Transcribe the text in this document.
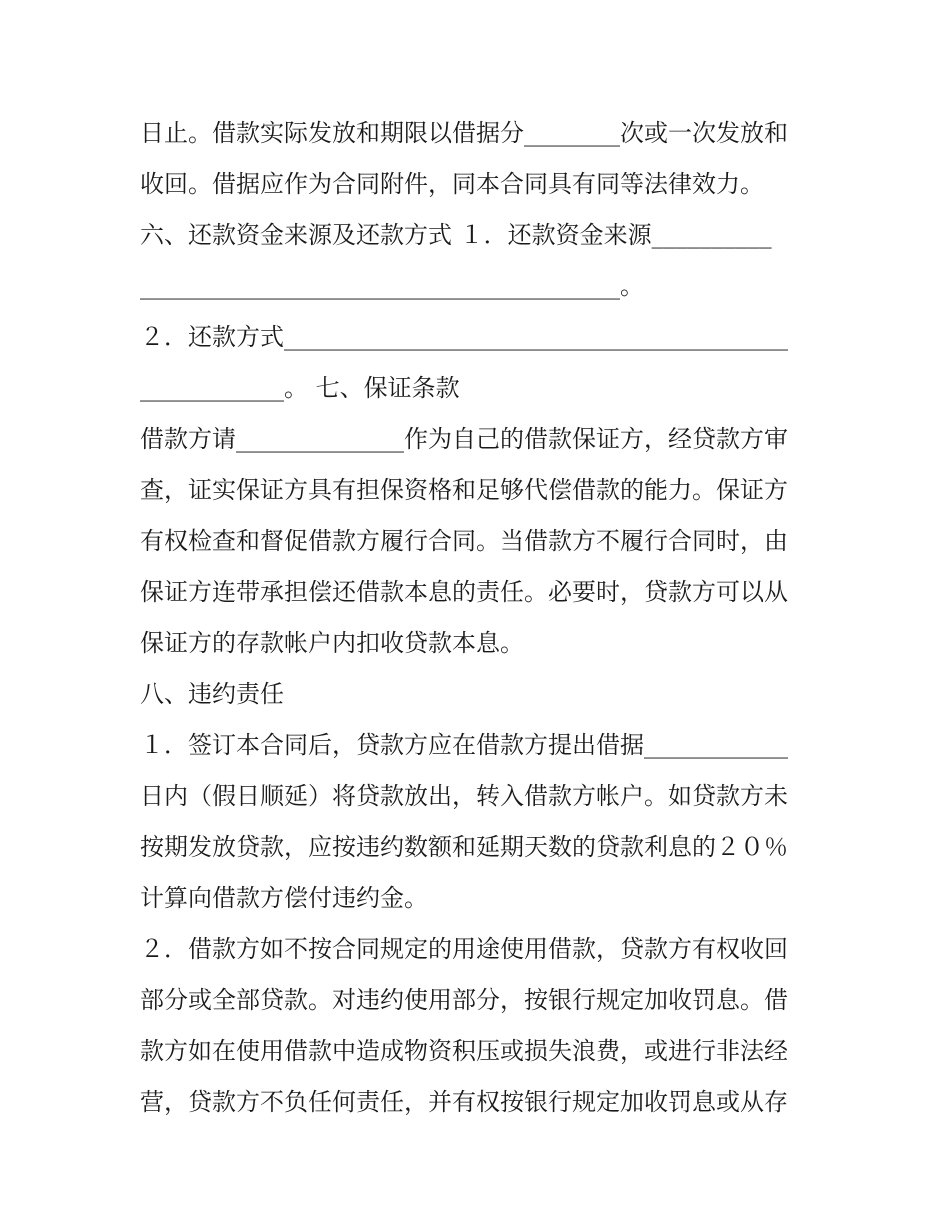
日止。借款实际发放和期限以借据分________次或一次发放和
收回。借据应作为合同附件，同本合同具有同等法律效力。
六、还款资金来源及还款方式 １．还款资金来源__________
________________________________________。
２．还款方式__________________________________________
____________。 七、保证条款
借款方请______________作为自己的借款保证方，经贷款方审
查，证实保证方具有担保资格和足够代偿借款的能力。保证方
有权检查和督促借款方履行合同。当借款方不履行合同时，由
保证方连带承担偿还借款本息的责任。必要时，贷款方可以从
保证方的存款帐户内扣收贷款本息。
八、违约责任
１．签订本合同后，贷款方应在借款方提出借据____________
日内（假日顺延）将贷款放出，转入借款方帐户。如贷款方未
按期发放贷款，应按违约数额和延期天数的贷款利息的２０％
计算向借款方偿付违约金。
２．借款方如不按合同规定的用途使用借款，贷款方有权收回
部分或全部贷款。对违约使用部分，按银行规定加收罚息。借
款方如在使用借款中造成物资积压或损失浪费，或进行非法经
营，贷款方不负任何责任，并有权按银行规定加收罚息或从存
